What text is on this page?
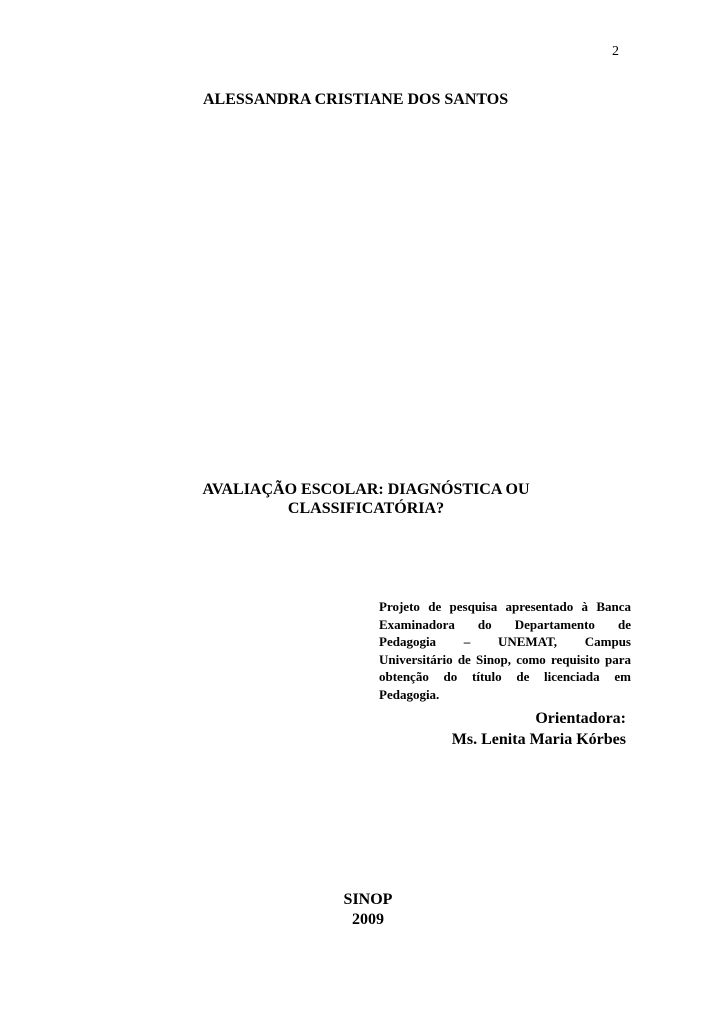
2
ALESSANDRA CRISTIANE DOS SANTOS
AVALIAÇÃO ESCOLAR: DIAGNÓSTICA OU
CLASSIFICATÓRIA?
Projeto de pesquisa apresentado à Banca Examinadora do Departamento de Pedagogia – UNEMAT, Campus Universitário de Sinop, como requisito para obtenção do título de licenciada em Pedagogia.
Orientadora:
Ms. Lenita Maria Kórbes
SINOP
2009
